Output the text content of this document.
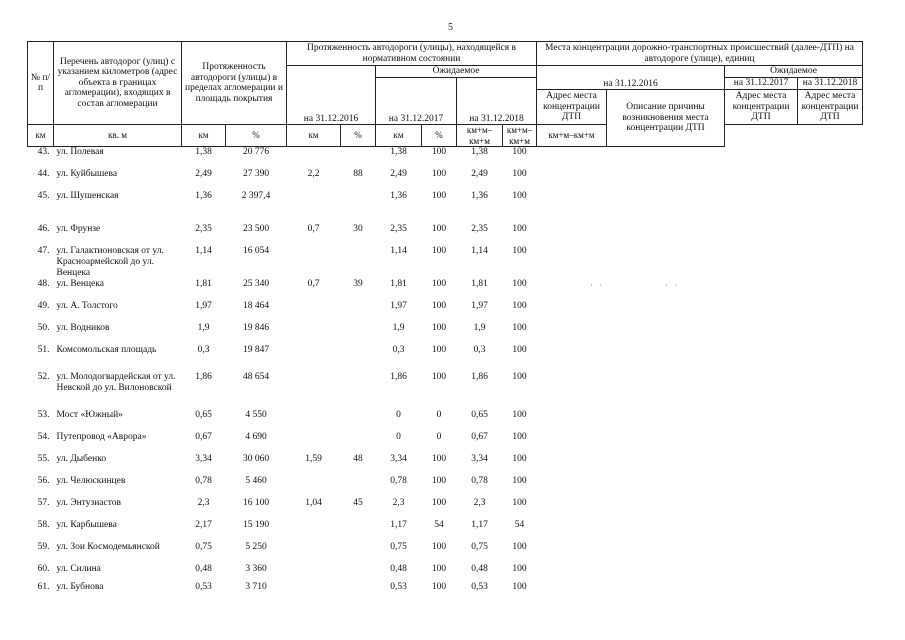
5
№ п/п	Перечень автодорог (улиц) с указанием километров (адрес объекта в границах агломерации), входящих в состав агломерации	Протяженность автодороги (улицы) в пределах агломерации и площадь покрытия		Протяженность автодороги (улицы), находящейся в нормативном состоянии						Места концентрации дорожно-транспортных происшествий (далее-ДТП) на автодороге (улице), единиц			
				на 31.12.2016		Ожидаемое				на 31.12.2016		Ожидаемое	
						на 31.12.2017		на 31.12.2018				на 31.12.2017	на 31.12.2018
										Адрес места концентрации ДТП	Описание причины возникновения места концентрации ДТП	Адрес места концентрации ДТП	Адрес места концентрации ДТП
км	кв. м	км	%	км	%	км	%	км+м–км+м	км+м–км+м	км+м–км+м			
43.	ул. Полевая	1,38	20 776			1,38	100	1,38	100				
44.	ул. Куйбышева	2,49	27 390	2,2	88	2,49	100	2,49	100				
45.	ул. Шушенская	1,36	2 397,4			1,36	100	1,36	100				
46.	ул. Фрунзе	2,35	23 500	0,7	30	2,35	100	2,35	100				
47.	ул. Галактионовская от ул. Красноармейской до ул. Венцека	1,14	16 054			1,14	100	1,14	100				
48.	ул. Венцека	1,81	25 340	0,7	39	1,81	100	1,81	100				
49.	ул. А. Толстого	1,97	18 464			1,97	100	1,97	100				
50.	ул. Водников	1,9	19 846			1,9	100	1,9	100				
51.	Комсомольская площадь	0,3	19 847			0,3	100	0,3	100				
52.	ул. Молодогвардейская от ул. Невской до ул. Вилоновской	1,86	48 654			1,86	100	1,86	100				
53.	Мост «Южный»	0,65	4 550			0	0	0,65	100				
54.	Путепровод «Аврора»	0,67	4 690			0	0	0,67	100				
55.	ул. Дыбенко	3,34	30 060	1,59	48	3,34	100	3,34	100				
56.	ул. Челюскинцев	0,78	5 460			0,78	100	0,78	100				
57.	ул. Энтузиастов	2,3	16 100	1,04	45	2,3	100	2,3	100				
58.	ул. Карбышева	2,17	15 190			1,17	54	1,17	54				
59.	ул. Зои Космодемьянской	0,75	5 250			0,75	100	0,75	100				
60.	ул. Силина	0,48	3 360			0,48	100	0,48	100				
61.	ул. Бубнова	0,53	3 710			0,53	100	0,53	100				
· ·	· ·
